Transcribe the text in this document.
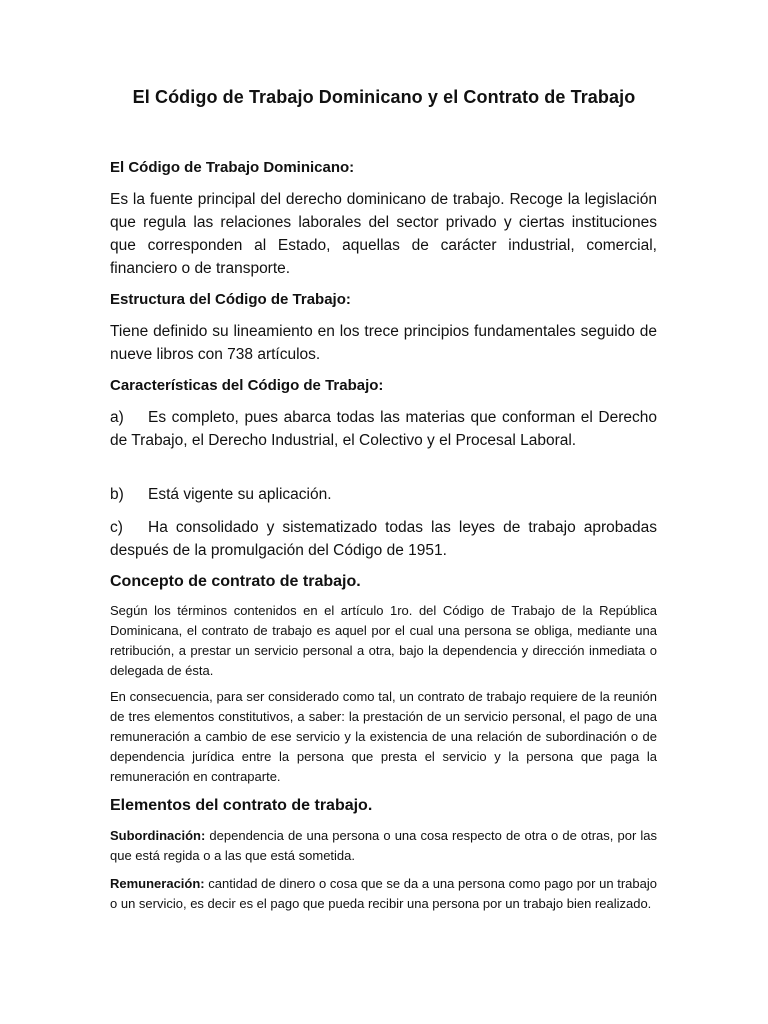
El Código de Trabajo Dominicano y el Contrato de Trabajo
El Código de Trabajo Dominicano:

Es la fuente principal del derecho dominicano de trabajo. Recoge la legislación que regula las relaciones laborales del sector privado y ciertas instituciones que corresponden al Estado, aquellas de carácter industrial, comercial, financiero o de transporte.

Estructura del Código de Trabajo:

Tiene definido su lineamiento en los trece principios fundamentales seguido de nueve libros con 738 artículos.

Características del Código de Trabajo:

a) Es completo, pues abarca todas las materias que conforman el Derecho de Trabajo, el Derecho Industrial, el Colectivo y el Procesal Laboral.

b) Está vigente su aplicación.

c) Ha consolidado y sistematizado todas las leyes de trabajo aprobadas después de la promulgación del Código de 1951.

Concepto de contrato de trabajo.

Según los términos contenidos en el artículo 1ro. del Código de Trabajo de la República Dominicana, el contrato de trabajo es aquel por el cual una persona se obliga, mediante una retribución, a prestar un servicio personal a otra, bajo la dependencia y dirección inmediata o delegada de ésta.

En consecuencia, para ser considerado como tal, un contrato de trabajo requiere de la reunión de tres elementos constitutivos, a saber: la prestación de un servicio personal, el pago de una remuneración a cambio de ese servicio y la existencia de una relación de subordinación o de dependencia jurídica entre la persona que presta el servicio y la persona que paga la remuneración en contraparte.

Elementos del contrato de trabajo.

Subordinación: dependencia de una persona o una cosa respecto de otra o de otras, por las que está regida o a las que está sometida.

Remuneración: cantidad de dinero o cosa que se da a una persona como pago por un trabajo o un servicio, es decir es el pago que pueda recibir una persona por un trabajo bien realizado.
